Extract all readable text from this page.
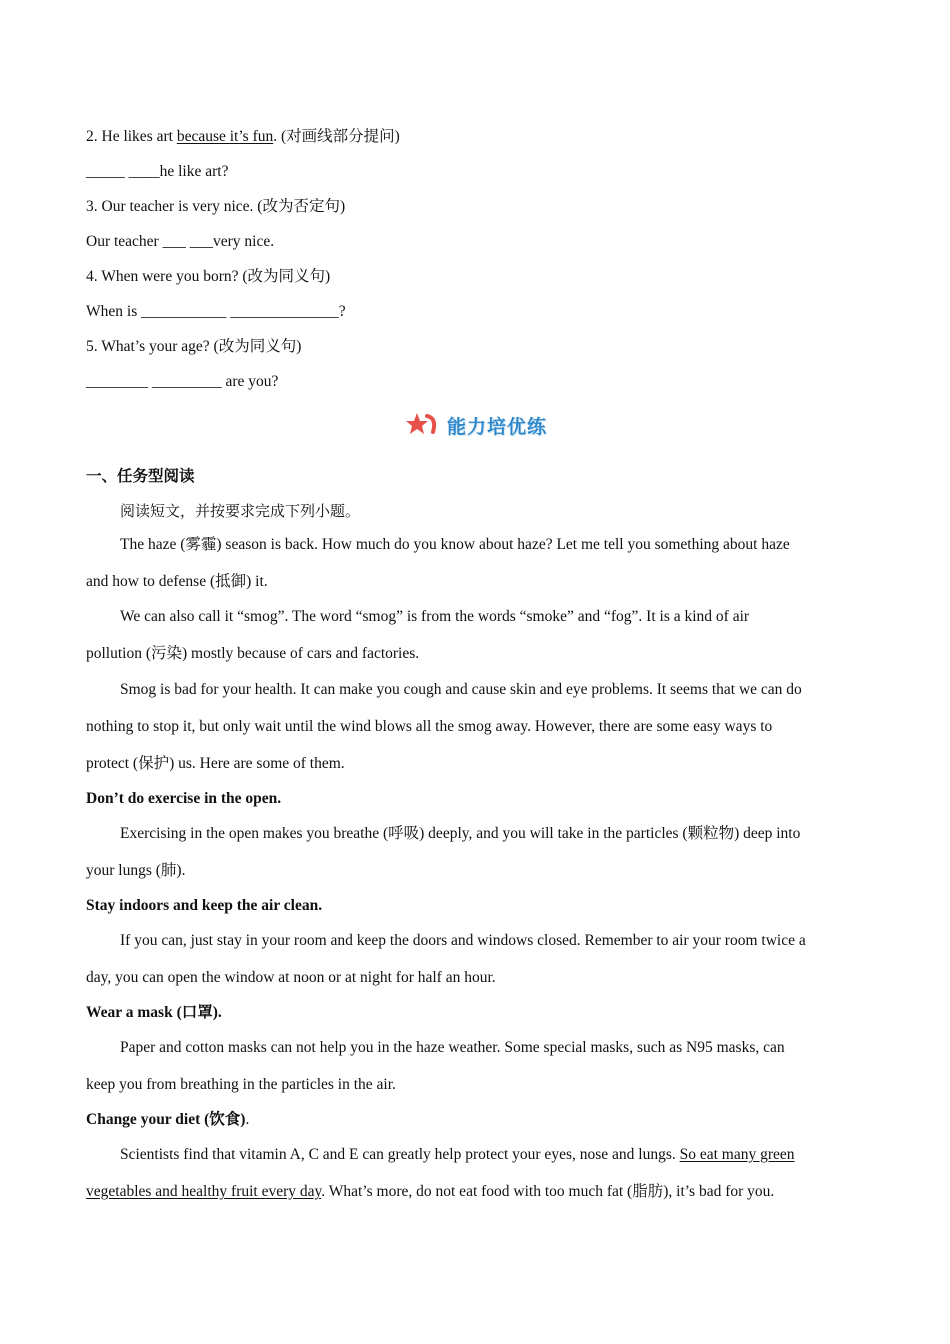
2. He likes art because it’s fun. (对画线部分提问)
_____ ____he like art?
3. Our teacher is very nice. (改为否定句)
Our teacher ___ ___very nice.
4. When were you born? (改为同义句)
When is ___________ ______________?
5. What’s your age? (改为同义句)
________ _________ are you?
能力培优练
一、任务型阅读
阅读短文，并按要求完成下列小题。
The haze (雾霾) season is back. How much do you know about haze? Let me tell you something about haze
and how to defense (抵御) it.
We can also call it “smog”. The word “smog” is from the words “smoke” and “fog”. It is a kind of air
pollution (污染) mostly because of cars and factories.
Smog is bad for your health. It can make you cough and cause skin and eye problems. It seems that we can do
nothing to stop it, but only wait until the wind blows all the smog away. However, there are some easy ways to
protect (保护) us. Here are some of them.
Don’t do exercise in the open.
Exercising in the open makes you breathe (呼吸) deeply, and you will take in the particles (颗粒物) deep into
your lungs (肺).
Stay indoors and keep the air clean.
If you can, just stay in your room and keep the doors and windows closed. Remember to air your room twice a
day, you can open the window at noon or at night for half an hour.
Wear a mask (口罩).
Paper and cotton masks can not help you in the haze weather. Some special masks, such as N95 masks, can
keep you from breathing in the particles in the air.
Change your diet (饮食).
Scientists find that vitamin A, C and E can greatly help protect your eyes, nose and lungs. So eat many green
vegetables and healthy fruit every day. What’s more, do not eat food with too much fat (脂肪), it’s bad for you.
